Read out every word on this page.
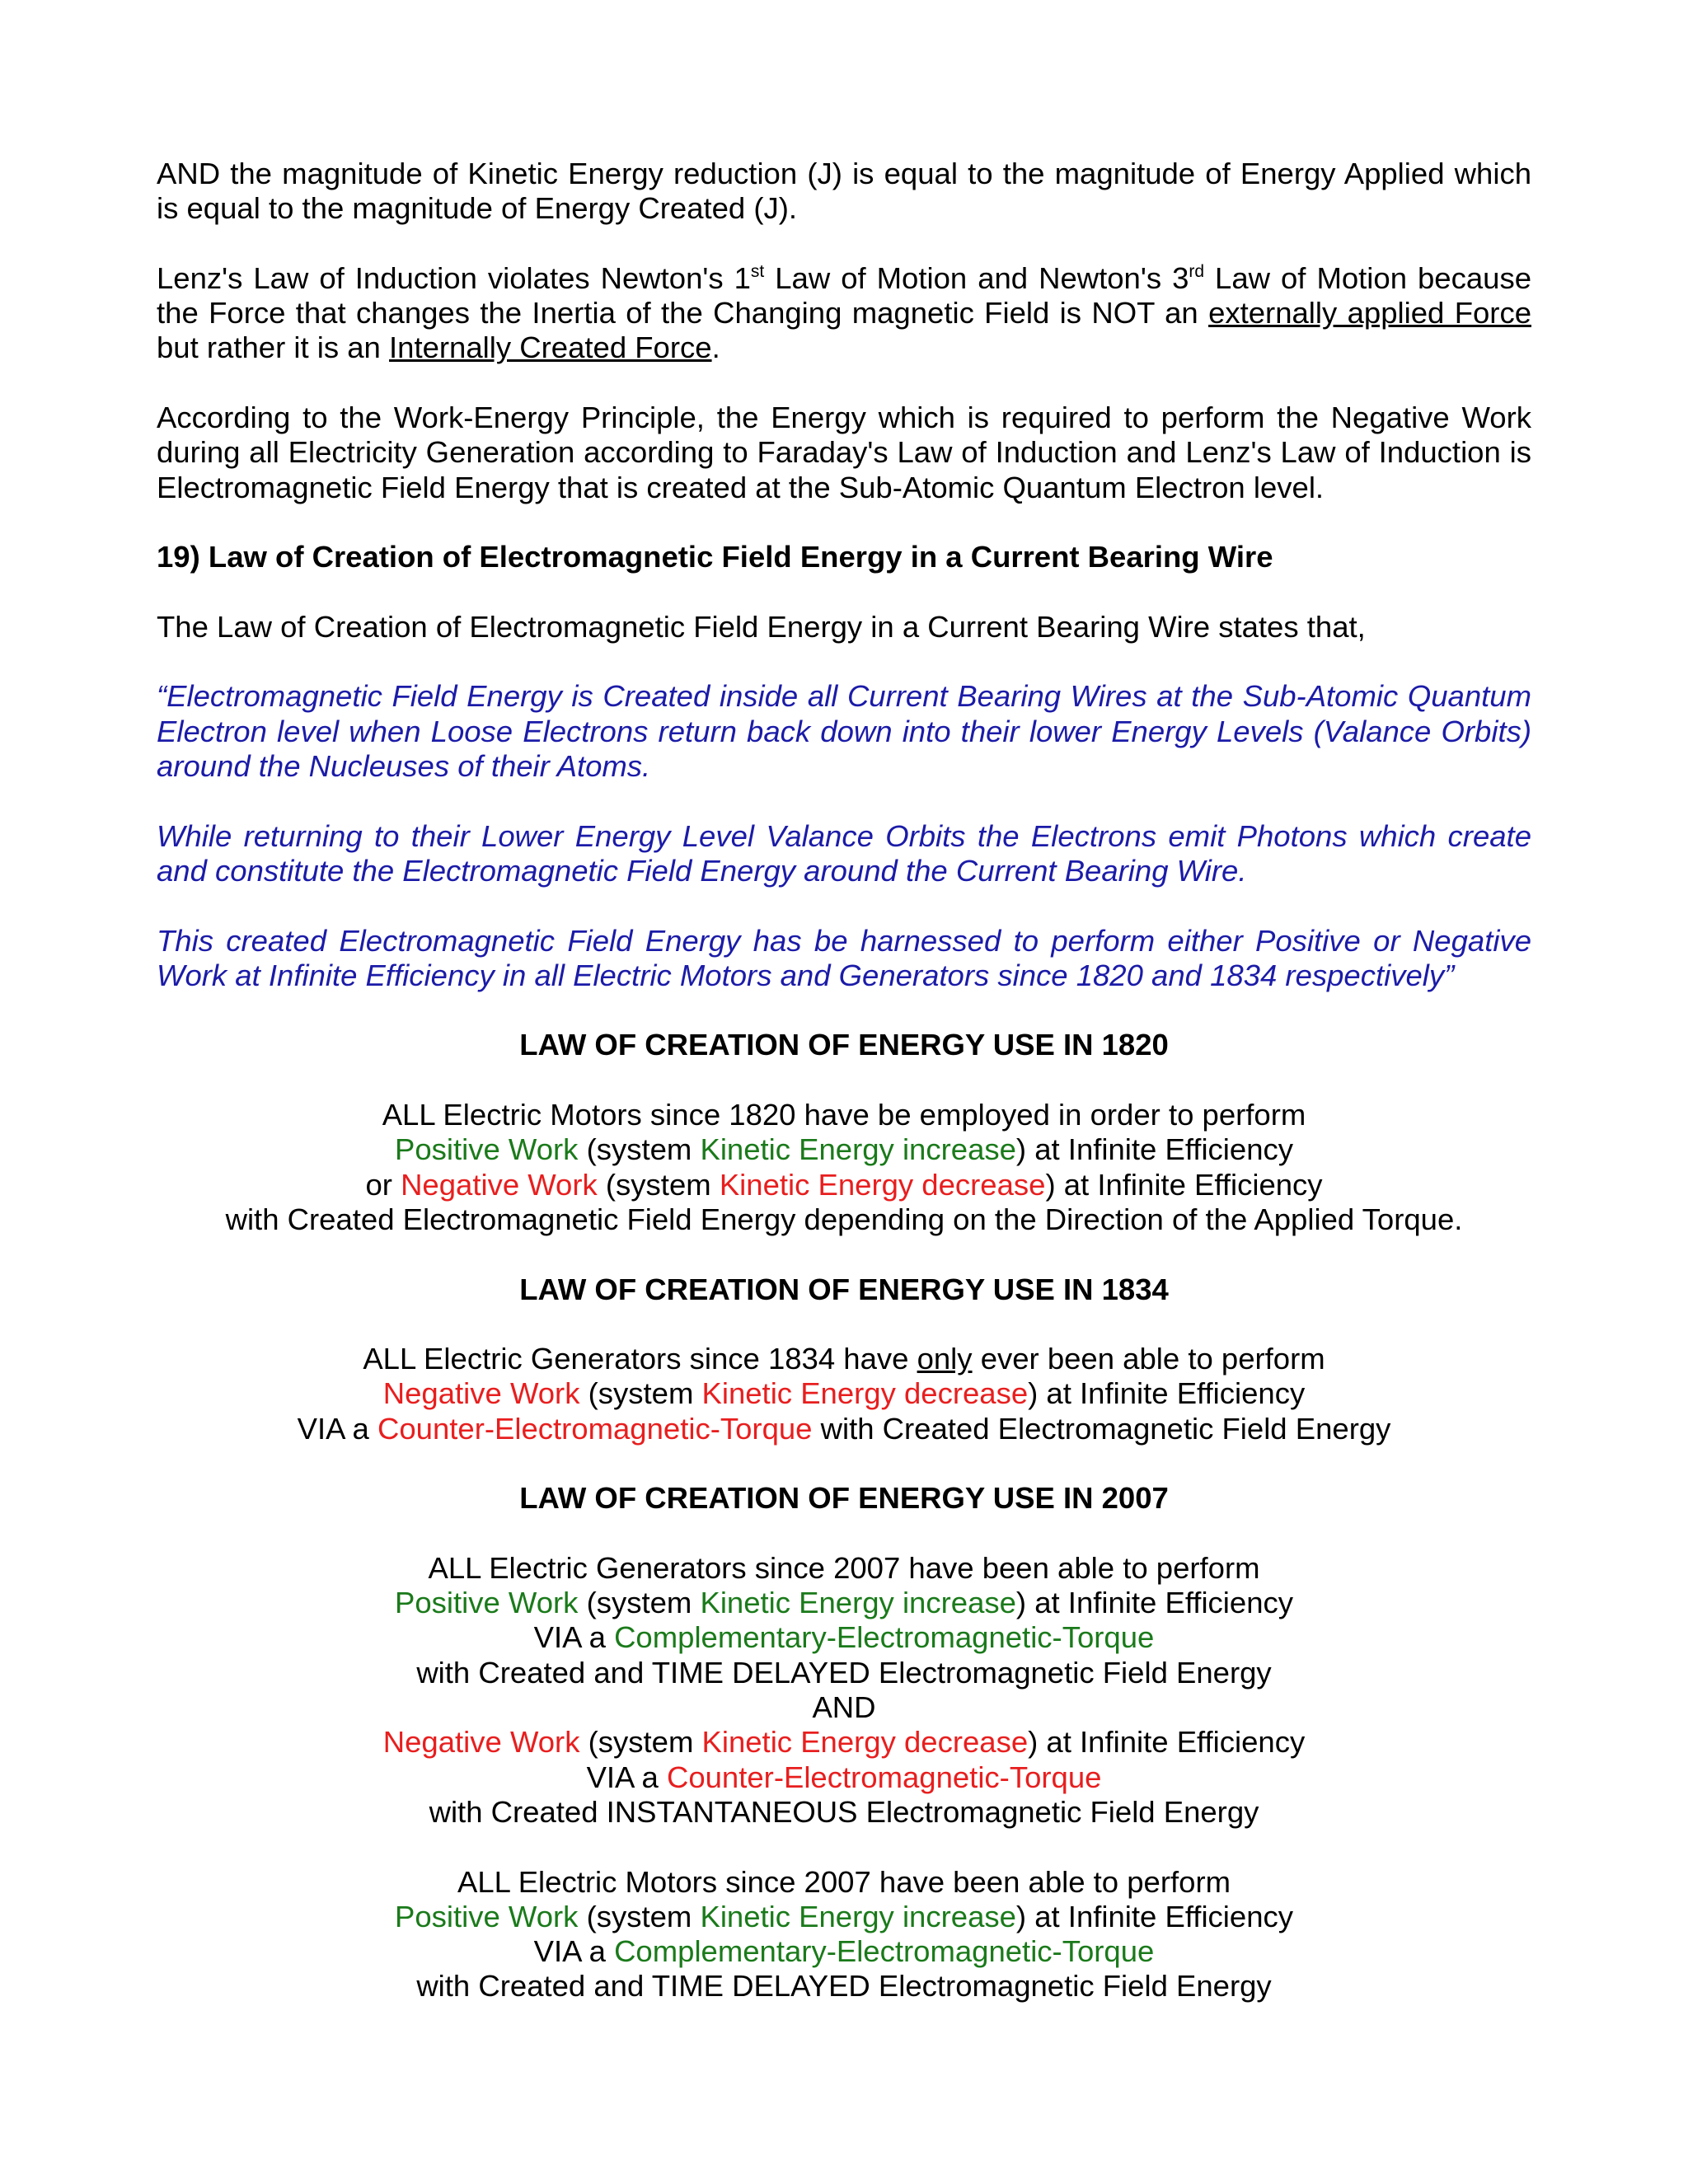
AND the magnitude of Kinetic Energy reduction (J) is equal to the magnitude of Energy Applied which is equal to the magnitude of Energy Created (J).

Lenz's Law of Induction violates Newton's 1st Law of Motion and Newton's 3rd Law of Motion because the Force that changes the Inertia of the Changing magnetic Field is NOT an externally applied Force but rather it is an Internally Created Force.

According to the Work-Energy Principle, the Energy which is required to perform the Negative Work during all Electricity Generation according to Faraday's Law of Induction and Lenz's Law of Induction is Electromagnetic Field Energy that is created at the Sub-Atomic Quantum Electron level.

19) Law of Creation of Electromagnetic Field Energy in a Current Bearing Wire

The Law of Creation of Electromagnetic Field Energy in a Current Bearing Wire states that,

“Electromagnetic Field Energy is Created inside all Current Bearing Wires at the Sub-Atomic Quantum Electron level when Loose Electrons return back down into their lower Energy Levels (Valance Orbits) around the Nucleuses of their Atoms.

While returning to their Lower Energy Level Valance Orbits the Electrons emit Photons which create and constitute the Electromagnetic Field Energy around the Current Bearing Wire.

This created Electromagnetic Field Energy has be harnessed to perform either Positive or Negative Work at Infinite Efficiency in all Electric Motors and Generators since 1820 and 1834 respectively”

LAW OF CREATION OF ENERGY USE IN 1820

ALL Electric Motors since 1820 have be employed in order to perform
Positive Work (system Kinetic Energy increase) at Infinite Efficiency
or Negative Work (system Kinetic Energy decrease) at Infinite Efficiency
with Created Electromagnetic Field Energy depending on the Direction of the Applied Torque.

LAW OF CREATION OF ENERGY USE IN 1834

ALL Electric Generators since 1834 have only ever been able to perform
Negative Work (system Kinetic Energy decrease) at Infinite Efficiency
VIA a Counter-Electromagnetic-Torque with Created Electromagnetic Field Energy

LAW OF CREATION OF ENERGY USE IN 2007

ALL Electric Generators since 2007 have been able to perform
Positive Work (system Kinetic Energy increase) at Infinite Efficiency
VIA a Complementary-Electromagnetic-Torque
with Created and TIME DELAYED Electromagnetic Field Energy
AND
Negative Work (system Kinetic Energy decrease) at Infinite Efficiency
VIA a Counter-Electromagnetic-Torque
with Created INSTANTANEOUS Electromagnetic Field Energy

ALL Electric Motors since 2007 have been able to perform
Positive Work (system Kinetic Energy increase) at Infinite Efficiency
VIA a Complementary-Electromagnetic-Torque
with Created and TIME DELAYED Electromagnetic Field Energy
